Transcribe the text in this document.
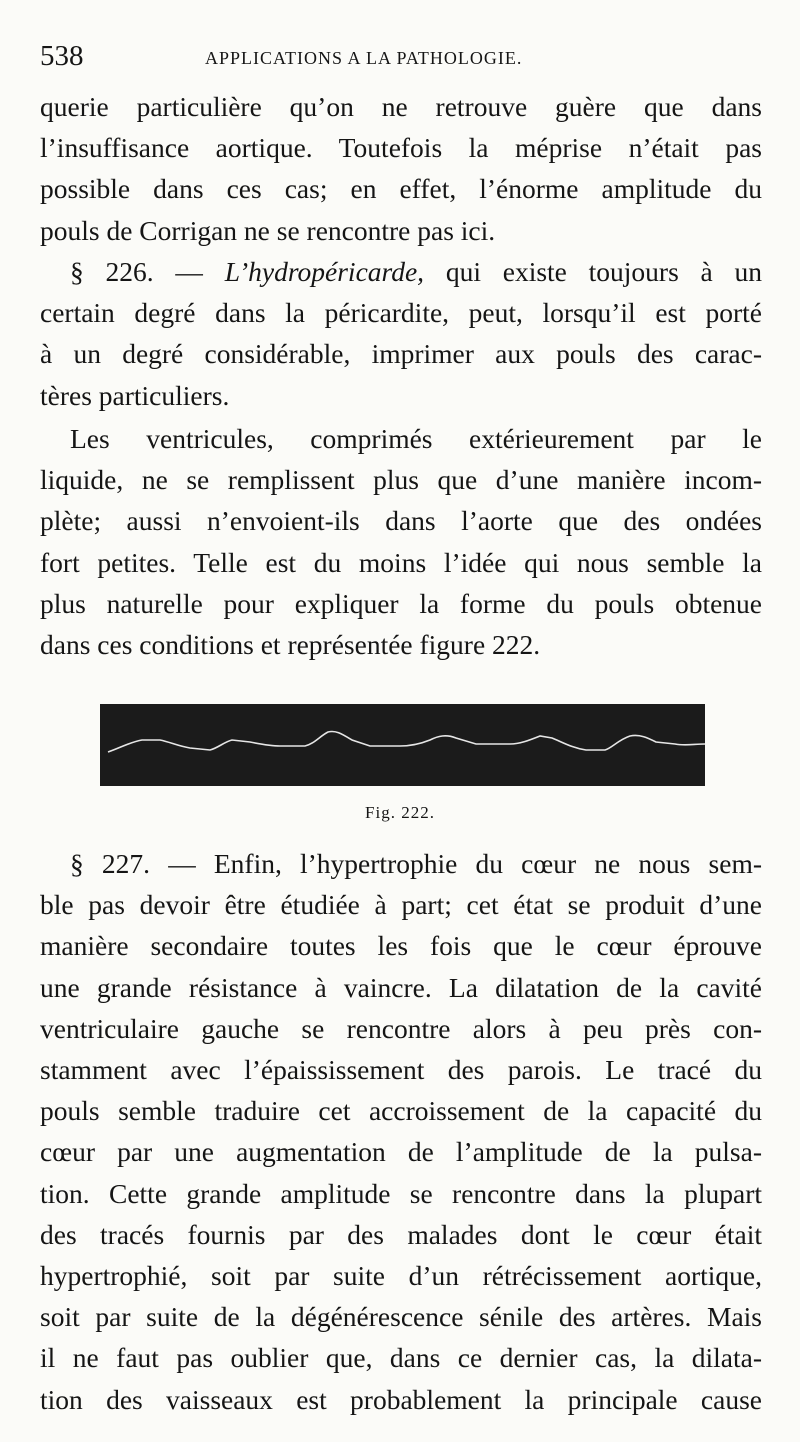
538	APPLICATIONS A LA PATHOLOGIE.
querie particulière qu’on ne retrouve guère que dans
l’insuffisance aortique. Toutefois la méprise n’était pas
possible dans ces cas; en effet, l’énorme amplitude du
pouls de Corrigan ne se rencontre pas ici.
§ 226. — L’hydropéricarde, qui existe toujours à un
certain degré dans la péricardite, peut, lorsqu’il est porté
à un degré considérable, imprimer aux pouls des carac-
tères particuliers.
Les ventricules, comprimés extérieurement par le
liquide, ne se remplissent plus que d’une manière incom-
plète; aussi n’envoient-ils dans l’aorte que des ondées
fort petites. Telle est du moins l’idée qui nous semble la
plus naturelle pour expliquer la forme du pouls obtenue
dans ces conditions et représentée figure 222.
Fig. 222.
§ 227. — Enfin, l’hypertrophie du cœur ne nous sem-
ble pas devoir être étudiée à part; cet état se produit d’une
manière secondaire toutes les fois que le cœur éprouve
une grande résistance à vaincre. La dilatation de la cavité
ventriculaire gauche se rencontre alors à peu près con-
stamment avec l’épaississement des parois. Le tracé du
pouls semble traduire cet accroissement de la capacité du
cœur par une augmentation de l’amplitude de la pulsa-
tion. Cette grande amplitude se rencontre dans la plupart
des tracés fournis par des malades dont le cœur était
hypertrophié, soit par suite d’un rétrécissement aortique,
soit par suite de la dégénérescence sénile des artères. Mais
il ne faut pas oublier que, dans ce dernier cas, la dilata-
tion des vaisseaux est probablement la principale cause
